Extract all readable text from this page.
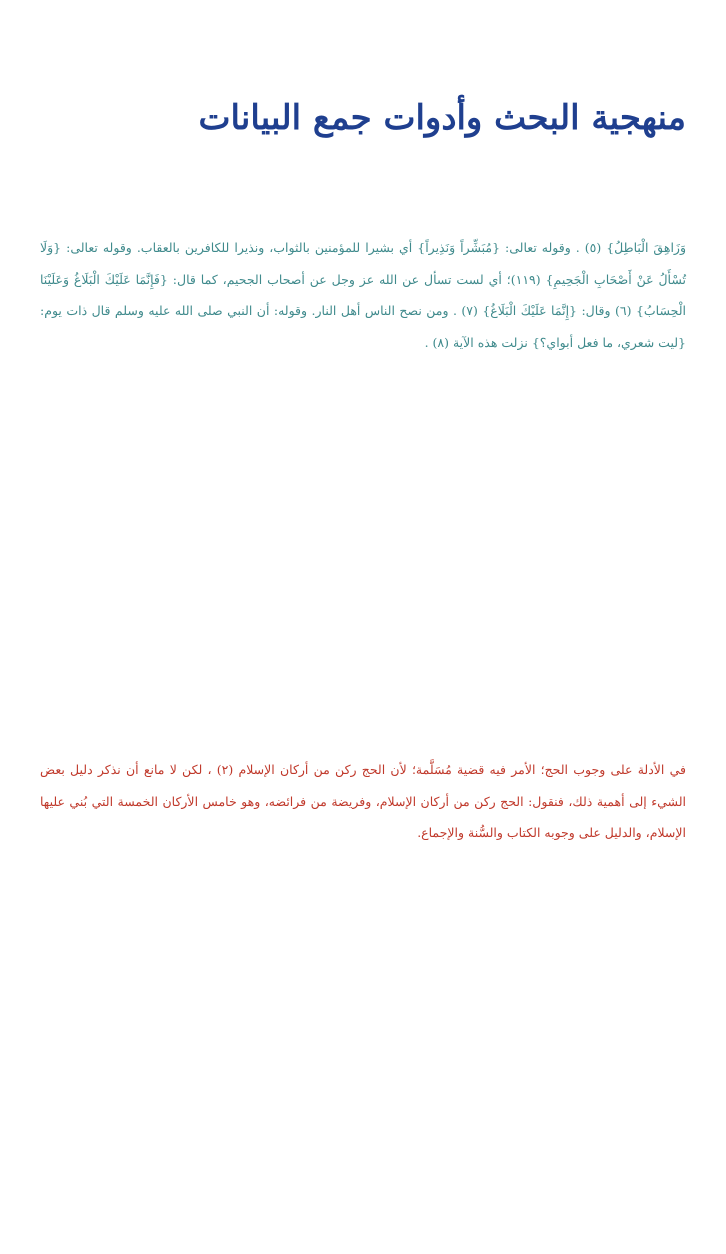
منهجية البحث وأدوات جمع البيانات

وَزَاهِقَ الْبَاطِلُ} (٥) . وقوله تعالى: {مُبَشِّراً وَنَذِيراً} أي بشيرا للمؤمنين بالثواب، ونذيرا للكافرين بالعقاب. وقوله تعالى: {وَلَا تُسْأَلُ عَنْ أَصْحَابِ الْجَحِيمِ} (١١٩)؛ أي لست تسأل عن الله عز وجل عن أصحاب الجحيم، كما قال: {فَإِنَّمَا عَلَيْكَ الْبَلَاغُ وَعَلَيْنَا الْحِسَابُ} (٦) وقال: {إِنَّمَا عَلَيْكَ الْبَلَاغُ} (٧) . ومن نصح الناس أهل النار. وقوله: أن النبي صلى الله عليه وسلم قال ذات يوم: {ليت شعري، ما فعل أبواي؟} نزلت هذه الآية (٨) .

في الأدلة على وجوب الحج؛ الأمر فيه قضية مُسَلَّمة؛ لأن الحج ركن من أركان الإسلام (٢) ، لكن لا مانع أن نذكر دليل بعض الشيء إلى أهمية ذلك، فنقول: الحج ركن من أركان الإسلام، وفريضة من فرائضه، وهو خامس الأركان الخمسة التي بُني عليها الإسلام، والدليل على وجوبه الكتاب والسُّنة والإجماع.
